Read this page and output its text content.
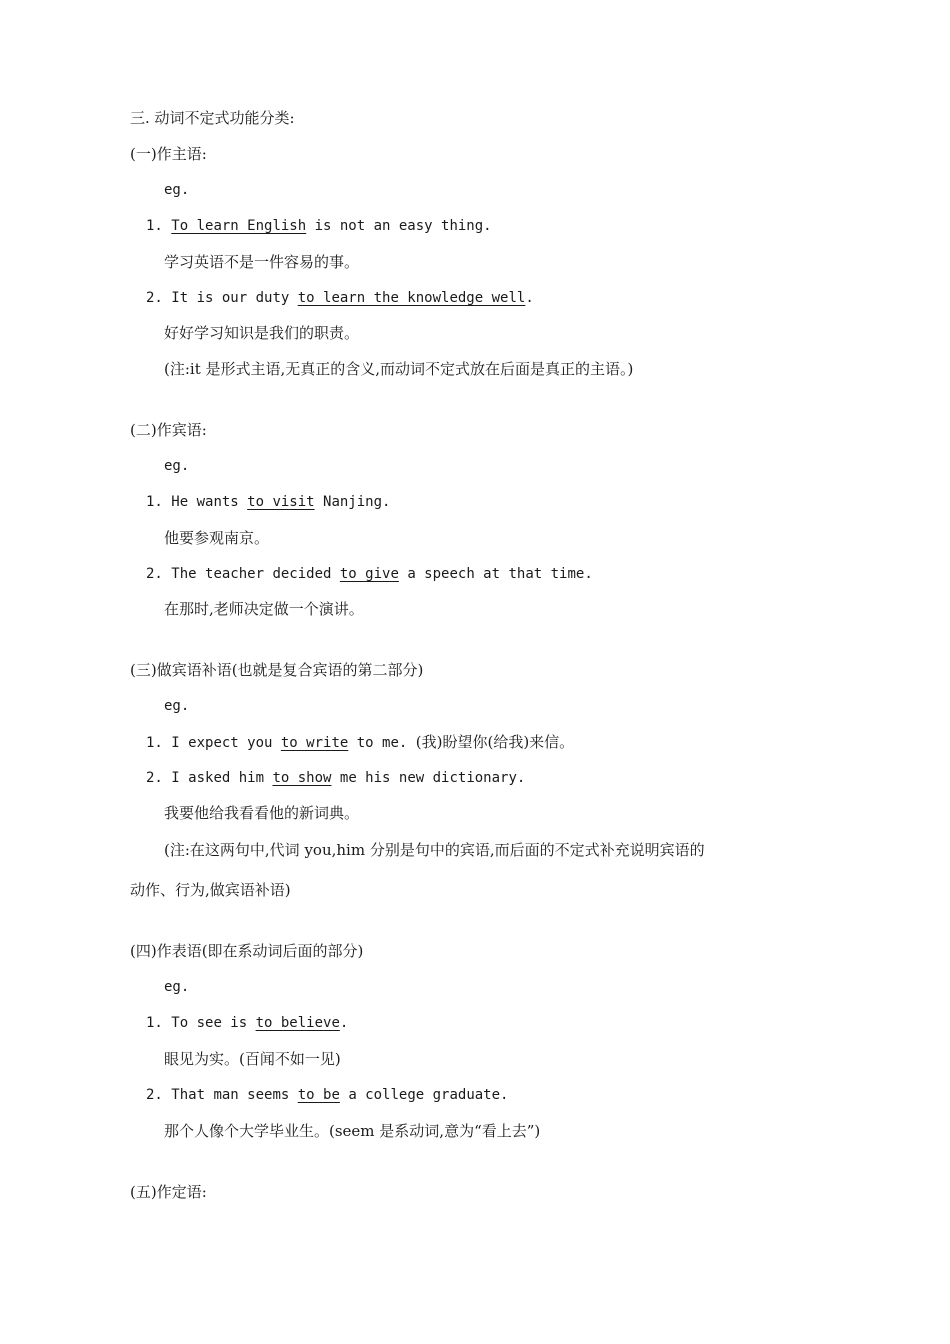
三. 动词不定式功能分类:
(一)作主语:
eg.
1. To learn English is not an easy thing.
学习英语不是一件容易的事。
2. It is our duty to learn the knowledge well.
好好学习知识是我们的职责。
(注:it 是形式主语,无真正的含义,而动词不定式放在后面是真正的主语。)
(二)作宾语:
eg.
1. He wants to visit Nanjing.
他要参观南京。
2. The teacher decided to give a speech at that time.
在那时,老师决定做一个演讲。
(三)做宾语补语(也就是复合宾语的第二部分)
eg.
1. I expect you to write to me. (我)盼望你(给我)来信。
2. I asked him to show me his new dictionary.
我要他给我看看他的新词典。
(注:在这两句中,代词 you,him 分别是句中的宾语,而后面的不定式补充说明宾语的
动作、行为,做宾语补语)
(四)作表语(即在系动词后面的部分)
eg.
1. To see is to believe.
眼见为实。(百闻不如一见)
2. That man seems to be a college graduate.
那个人像个大学毕业生。(seem 是系动词,意为“看上去”)
(五)作定语:
